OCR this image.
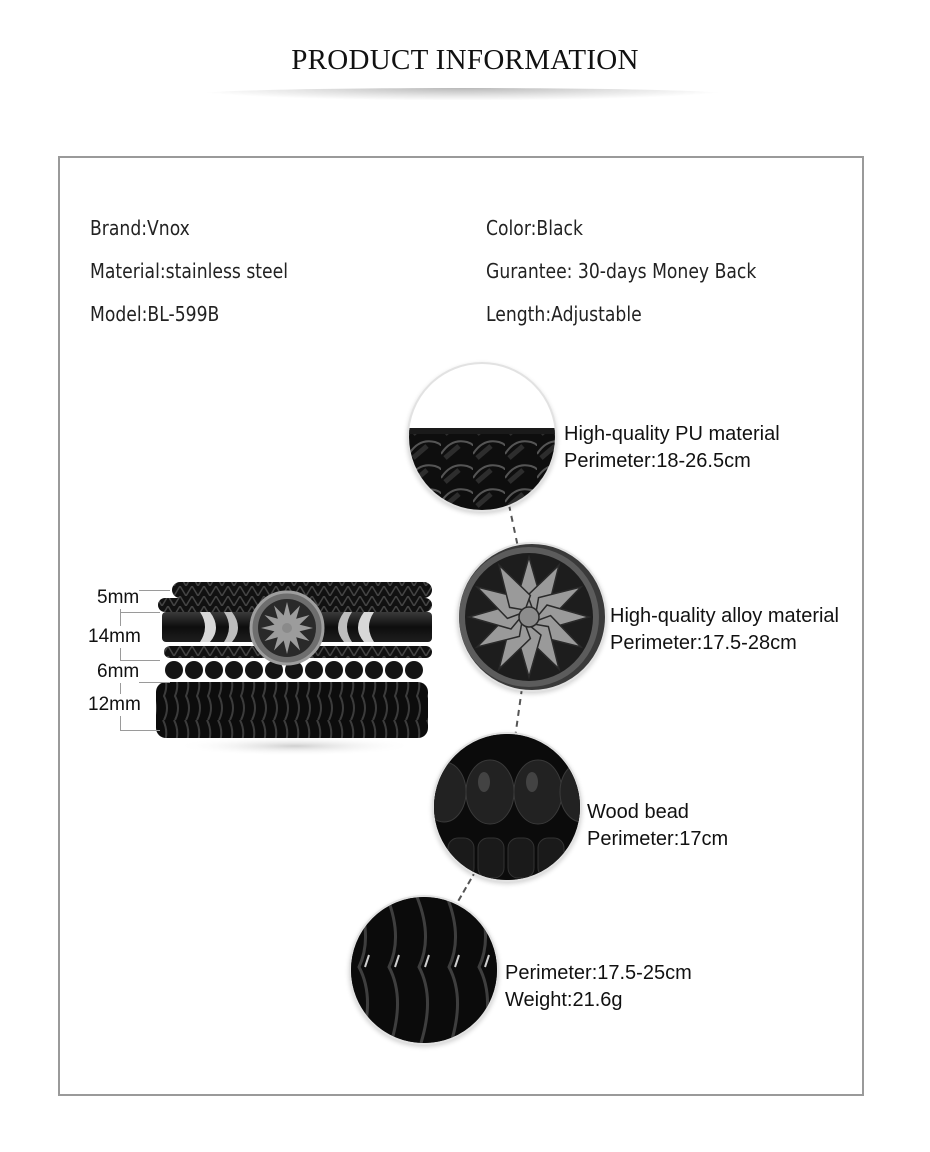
PRODUCT INFORMATION
Brand:Vnox
Material:stainless steel
Model:BL-599B
Color:Black
Gurantee: 30-days Money Back
Length:Adjustable
5mm
14mm
6mm
12mm
High-quality PU material
Perimeter:18-26.5cm
High-quality alloy material
Perimeter:17.5-28cm
Wood bead
Perimeter:17cm
Perimeter:17.5-25cm
Weight:21.6g
